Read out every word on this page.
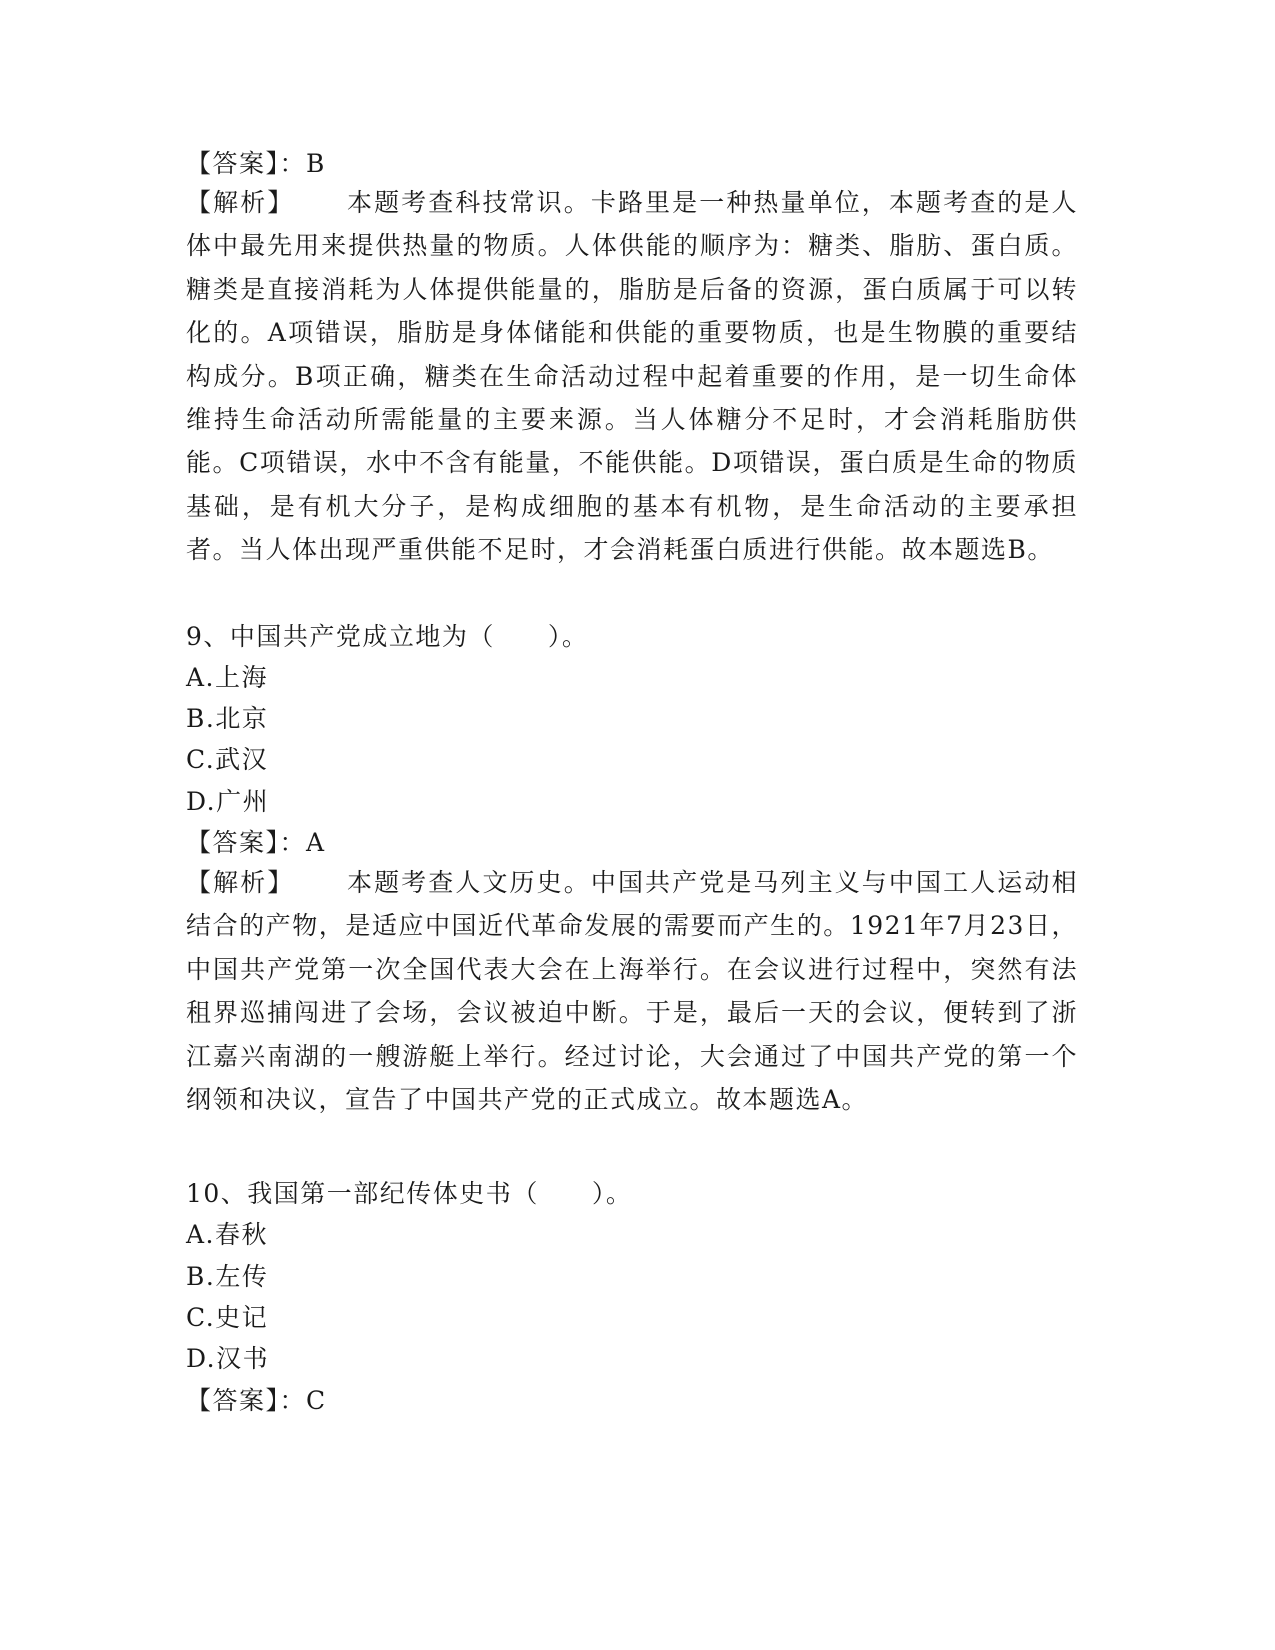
【答案】：B
【解析】 本题考查科技常识。卡路里是一种热量单位，本题考查的是人体中最先用来提供热量的物质。人体供能的顺序为：糖类、脂肪、蛋白质。糖类是直接消耗为人体提供能量的，脂肪是后备的资源，蛋白质属于可以转化的。A项错误，脂肪是身体储能和供能的重要物质，也是生物膜的重要结构成分。B项正确，糖类在生命活动过程中起着重要的作用，是一切生命体维持生命活动所需能量的主要来源。当人体糖分不足时，才会消耗脂肪供能。C项错误，水中不含有能量，不能供能。D项错误，蛋白质是生命的物质基础，是有机大分子，是构成细胞的基本有机物，是生命活动的主要承担者。当人体出现严重供能不足时，才会消耗蛋白质进行供能。故本题选B。
9、中国共产党成立地为（　　）。
A.上海
B.北京
C.武汉
D.广州
【答案】：A
【解析】 本题考查人文历史。中国共产党是马列主义与中国工人运动相结合的产物，是适应中国近代革命发展的需要而产生的。1921年7月23日，中国共产党第一次全国代表大会在上海举行。在会议进行过程中，突然有法租界巡捕闯进了会场，会议被迫中断。于是，最后一天的会议，便转到了浙江嘉兴南湖的一艘游艇上举行。经过讨论，大会通过了中国共产党的第一个纲领和决议，宣告了中国共产党的正式成立。故本题选A。
10、我国第一部纪传体史书（　　）。
A.春秋
B.左传
C.史记
D.汉书
【答案】：C
